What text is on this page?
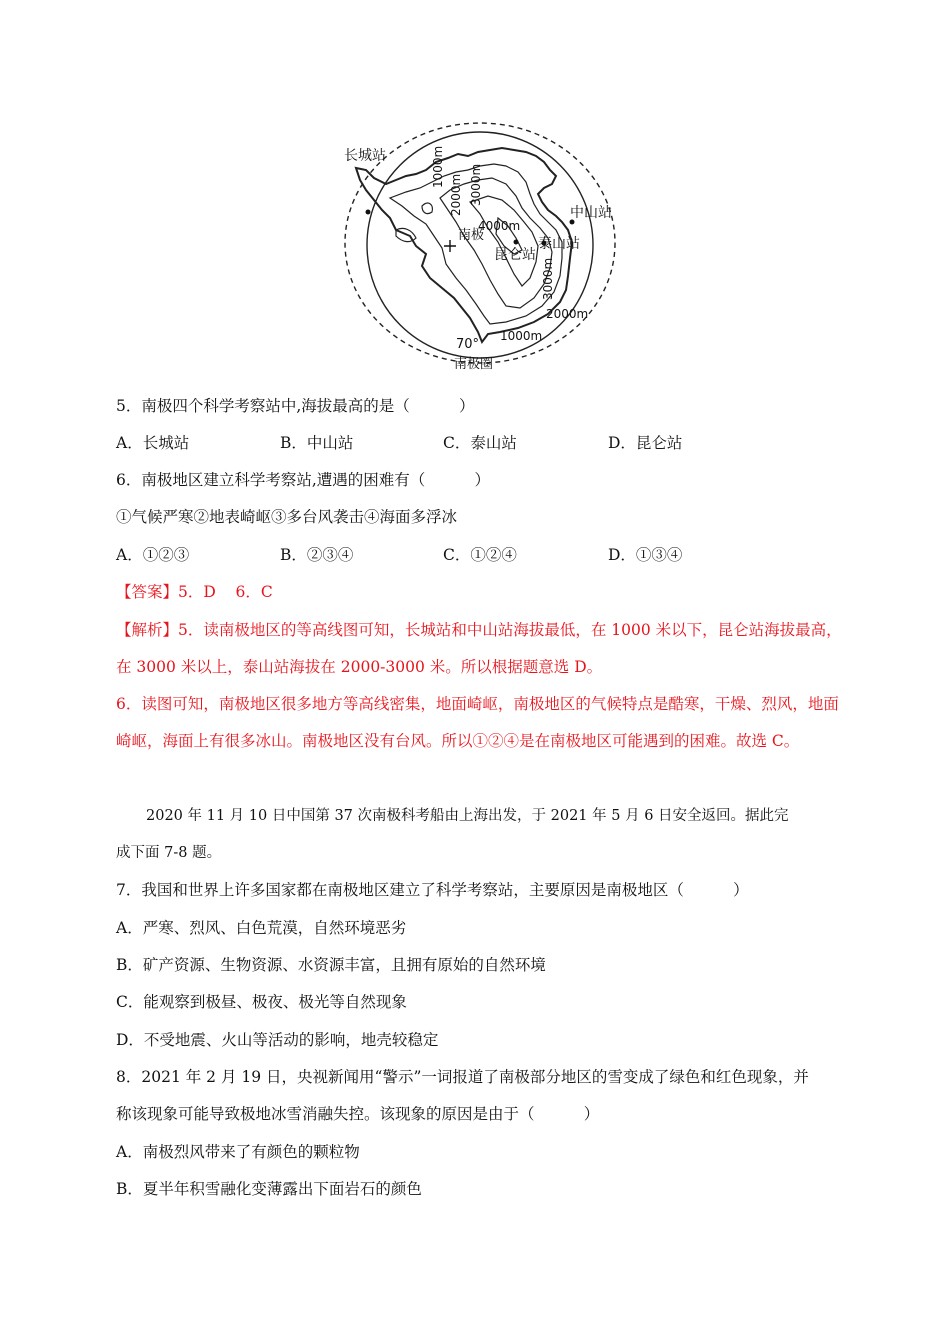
长城站
中山站
泰山站
昆仑站
南极
4000m
1000m
2000m 3000m
3000m
2000m
1000m
70°
南极圈
5．南极四个科学考察站中,海拔最高的是（          ）
A．长城站	B．中山站	C．泰山站	D．昆仑站
6．南极地区建立科学考察站,遭遇的困难有（          ）
①气候严寒②地表崎岖③多台风袭击④海面多浮冰
A．①②③	B．②③④	C．①②④	D．①③④
【答案】5．D    6．C
【解析】5．读南极地区的等高线图可知，长城站和中山站海拔最低，在 1000 米以下，昆仑站海拔最高，在 3000 米以上，泰山站海拔在 2000-3000 米。所以根据题意选 D。
6．读图可知，南极地区很多地方等高线密集，地面崎岖，南极地区的气候特点是酷寒，干燥、烈风，地面崎岖，海面上有很多冰山。南极地区没有台风。所以①②④是在南极地区可能遇到的困难。故选 C。
2020 年 11 月 10 日中国第 37 次南极科考船由上海出发，于 2021 年 5 月 6 日安全返回。据此完
成下面 7-8 题。
7．我国和世界上许多国家都在南极地区建立了科学考察站，主要原因是南极地区（          ）
A．严寒、烈风、白色荒漠，自然环境恶劣
B．矿产资源、生物资源、水资源丰富，且拥有原始的自然环境
C．能观察到极昼、极夜、极光等自然现象
D．不受地震、火山等活动的影响，地壳较稳定
8．2021 年 2 月 19 日，央视新闻用“警示”一词报道了南极部分地区的雪变成了绿色和红色现象，并
称该现象可能导致极地冰雪消融失控。该现象的原因是由于（          ）
A．南极烈风带来了有颜色的颗粒物
B．夏半年积雪融化变薄露出下面岩石的颜色
